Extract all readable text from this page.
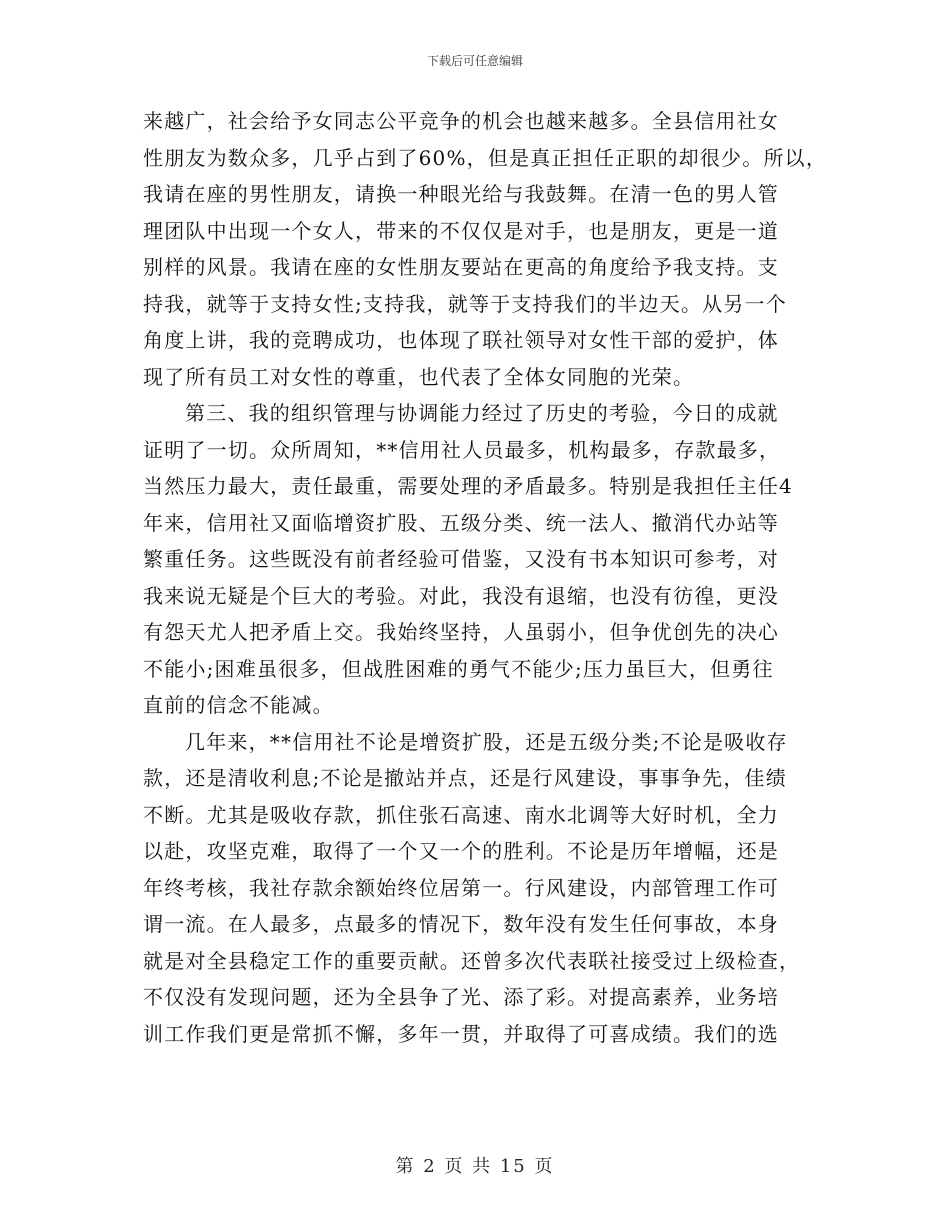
下载后可任意编辑
来越广，社会给予女同志公平竞争的机会也越来越多。全县信用社女
性朋友为数众多，几乎占到了60%，但是真正担任正职的却很少。所以，
我请在座的男性朋友，请换一种眼光给与我鼓舞。在清一色的男人管
理团队中出现一个女人，带来的不仅仅是对手，也是朋友，更是一道
别样的风景。我请在座的女性朋友要站在更高的角度给予我支持。支
持我，就等于支持女性;支持我，就等于支持我们的半边天。从另一个
角度上讲，我的竞聘成功，也体现了联社领导对女性干部的爱护，体
现了所有员工对女性的尊重，也代表了全体女同胞的光荣。
第三、我的组织管理与协调能力经过了历史的考验，今日的成就
证明了一切。众所周知，**信用社人员最多，机构最多，存款最多，
当然压力最大，责任最重，需要处理的矛盾最多。特别是我担任主任4
年来，信用社又面临增资扩股、五级分类、统一法人、撤消代办站等
繁重任务。这些既没有前者经验可借鉴，又没有书本知识可参考，对
我来说无疑是个巨大的考验。对此，我没有退缩，也没有彷徨，更没
有怨天尤人把矛盾上交。我始终坚持，人虽弱小，但争优创先的决心
不能小;困难虽很多，但战胜困难的勇气不能少;压力虽巨大，但勇往
直前的信念不能减。
几年来，**信用社不论是增资扩股，还是五级分类;不论是吸收存
款，还是清收利息;不论是撤站并点，还是行风建设，事事争先，佳绩
不断。尤其是吸收存款，抓住张石高速、南水北调等大好时机，全力
以赴，攻坚克难，取得了一个又一个的胜利。不论是历年增幅，还是
年终考核，我社存款余额始终位居第一。行风建设，内部管理工作可
谓一流。在人最多，点最多的情况下，数年没有发生任何事故，本身
就是对全县稳定工作的重要贡献。还曾多次代表联社接受过上级检查，
不仅没有发现问题，还为全县争了光、添了彩。对提高素养，业务培
训工作我们更是常抓不懈，多年一贯，并取得了可喜成绩。我们的选
第 2 页 共 15 页
